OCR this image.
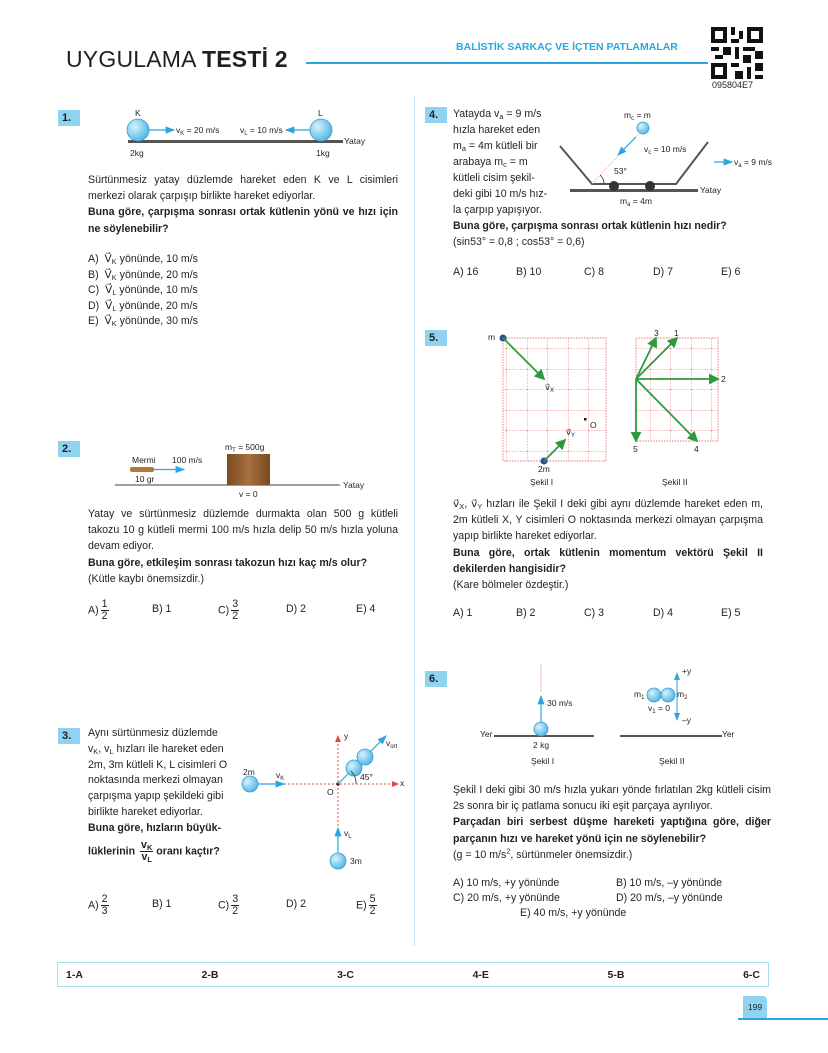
UYGULAMA TESTİ 2	BALİSTİK SARKAÇ VE İÇTEN PATLAMALAR
095804E7
1.	K	L
$v_K = 20$ m/s $v_L = 10$ m/s
2kg	1kg
Yatay
Sürtünmesiz yatay düzlemde hareket eden K ve L cisimleri merkezi olarak çarpışıp birlikte hareket ediyorlar.
Buna göre, çarpışma sonrası ortak kütlenin yönü ve hızı için ne söylenebilir?
A)  $V⃗_K$ yönünde, 10 m/s
B)  $V⃗_K$ yönünde, 20 m/s
C)  $V⃗_L$ yönünde, 10 m/s
D)  $V⃗_L$ yönünde, 20 m/s
E)  $V⃗_K$ yönünde, 30 m/s
2.	$m_T = 500g$
Mermi 100 m/s
10 gr
v = 0
Yatay
Yatay ve sürtünmesiz düzlemde durmakta olan 500 g kütleli takozu 10 g kütleli mermi 100 m/s hızla delip 50 m/s hızla yoluna devam ediyor.
Buna göre, etkileşim sonrası takozun hızı kaç m/s olur?
(Kütle kaybı önemsizdir.)
$A) \frac{1}{2}$	B) 1	$C) \frac{3}{2}$	D) 2	E) 4
3.	Aynı sürtünmesiz düzlemde
$v_K$, $v_L$ hızları ile hareket eden
2m, 3m kütleli K, L cisimleri O
noktasında merkezi olmayan
çarpışma yapıp şekildeki gibi
birlikte hareket ediyorlar.
Buna göre, hızların büyük-
lüklerinin $\frac{v_K}{v_L}$ oranı kaçtır?
2m $v_K$
O
x
y
$v_{ort}$
45°
$v_L$
3m
$A) \frac{2}{3}$	B) 1	$C) \frac{3}{2}$	D) 2	$E) \frac{5}{2}$
4.	Yatayda $v_a = 9$ m/s
hızla hareket eden
$m_a = 4m$ kütleli bir
arabaya $m_c = m$
kütleli cisim şekil-
deki gibi 10 m/s hız-
la çarpıp yapışıyor.
$m_c = m$
$v_c = 10$ m/s
53°
$v_a = 9$ m/s
Yatay
$m_a = 4m$
Buna göre, çarpışma sonrası ortak kütlenin hızı nedir?
(sin53° = 0,8 ; cos53° = 0,6)
A) 16	B) 10	C) 8	D) 7	E) 6
5.	m
2m
$v⃗_X$
$v⃗_Y$
O
Şekil I
1
2
3
4
5
Şekil II
$v⃗_X$, $v⃗_Y$ hızları ile Şekil I deki gibi aynı düzlemde hareket eden m, 2m kütleli X, Y cisimleri O noktasında merkezi olmayan çarpışma yapıp birlikte hareket ediyorlar.
Buna göre, ortak kütlenin momentum vektörü Şekil II dekilerden hangisidir?
(Kare bölmeler özdeştir.)
A) 1	B) 2	C) 3	D) 4	E) 5
6.
30 m/s
Yer
2 kg
Şekil I
$m_1$	$m_2$
$v_1 = 0$
+y
–y
Yer
Şekil II
Şekil I deki gibi 30 m/s hızla yukarı yönde fırlatılan 2kg kütleli cisim 2s sonra bir iç patlama sonucu iki eşit parçaya ayrılıyor.
Parçadan biri serbest düşme hareketi yaptığına göre, diğer parçanın hızı ve hareket yönü için ne söylenebilir?
(g = 10 $m/s^2$, sürtünmeler önemsizdir.)
A) 10 m/s, +y yönünde	B) 10 m/s, –y yönünde
C) 20 m/s, +y yönünde	D) 20 m/s, –y yönünde
E) 40 m/s, +y yönünde
1-A	2-B	3-C	4-E	5-B	6-C
199
